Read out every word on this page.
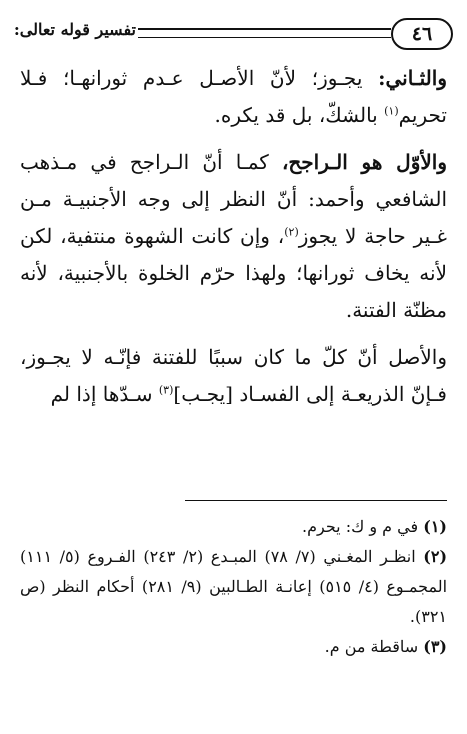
٤٦
تفسير قوله تعالى:

والثـاني: يجـوز؛ لأنّ الأصـل عـدم ثورانهـا؛ فـلا تحريم$^{(١)}$ بالشكّ، بل قد يكره.

والأوّل هو الـراجح، كمـا أنّ الـراجح في مـذهب الشافعي وأحمد: أنّ النظر إلى وجه الأجنبيـة مـن غـير حاجة لا يجوز$^{(٢)}$، وإن كانت الشهوة منتفية، لكن لأنه يخاف ثورانها؛ ولهذا حرّم الخلوة بالأجنبية، لأنه مظنّة الفتنة.

والأصل أنّ كلّ ما كان سببًا للفتنة فإنّـه لا يجـوز، فـإنّ الذريعـة إلى الفسـاد [يجـب]$^{(٣)}$ سـدّها إذا لم

(١) في م و ك: يحرم.

(٢) انظـر المغـني (٧/ ٧٨) المبـدع (٢/ ٢٤٣) الفـروع (٥/ ١١١) المجمـوع (٤/ ٥١٥) إعانـة الطـالبين (٩/ ٢٨١) أحكام النظر (ص ٣٢١).

(٣) ساقطة من م.
